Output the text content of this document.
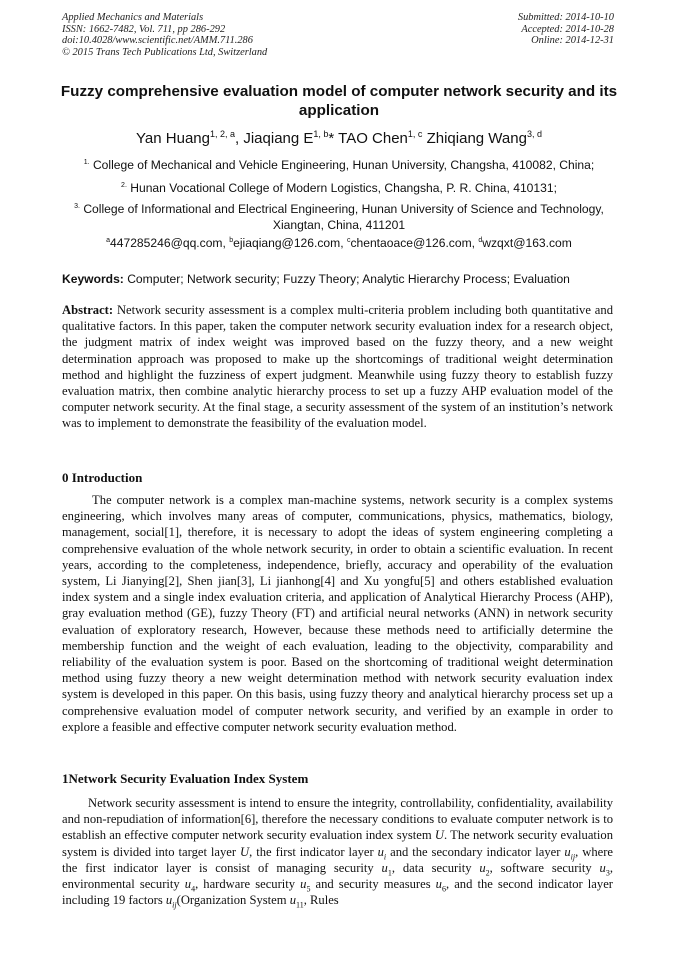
Applied Mechanics and Materials
ISSN: 1662-7482, Vol. 711, pp 286-292
doi:10.4028/www.scientific.net/AMM.711.286
© 2015 Trans Tech Publications Ltd, Switzerland
Submitted: 2014-10-10
Accepted: 2014-10-28
Online: 2014-12-31
Fuzzy comprehensive evaluation model of computer network security and its application
Yan Huang$^{1, 2, a}$, Jiaqiang E$^{1, b}$* TAO Chen$^{1, c}$ Zhiqiang Wang$^{3, d}$
$^{1.}$ College of Mechanical and Vehicle Engineering, Hunan University, Changsha, 410082, China;
$^{2.}$ Hunan Vocational College of Modern Logistics, Changsha, P. R. China, 410131;
$^{3.}$ College of Informational and Electrical Engineering, Hunan University of Science and Technology, Xiangtan, China, 411201
$^a$447285246@qq.com, $^b$ejiaqiang@126.com, $^c$chentaoace@126.com, $^d$wzqxt@163.com
Keywords: Computer; Network security; Fuzzy Theory; Analytic Hierarchy Process; Evaluation
Abstract: Network security assessment is a complex multi-criteria problem including both quantitative and qualitative factors. In this paper, taken the computer network security evaluation index for a research object, the judgment matrix of index weight was improved based on the fuzzy theory, and a new weight determination approach was proposed to make up the shortcomings of traditional weight determination method and highlight the fuzziness of expert judgment. Meanwhile using fuzzy theory to establish fuzzy evaluation matrix, then combine analytic hierarchy process to set up a fuzzy AHP evaluation model of the computer network security. At the final stage, a security assessment of the system of an institution’s network was to implement to demonstrate the feasibility of the evaluation model.
0 Introduction
The computer network is a complex man-machine systems, network security is a complex systems engineering, which involves many areas of computer, communications, physics, mathematics, biology, management, social[1], therefore, it is necessary to adopt the ideas of system engineering completing a comprehensive evaluation of the whole network security, in order to obtain a scientific evaluation. In recent years, according to the completeness, independence, briefly, accuracy and operability of the evaluation system, Li Jianying[2], Shen jian[3], Li jianhong[4] and Xu yongfu[5] and others established evaluation index system and a single index evaluation criteria, and application of Analytical Hierarchy Process (AHP), gray evaluation method (GE), fuzzy Theory (FT) and artificial neural networks (ANN) in network security evaluation of exploratory research, However, because these methods need to artificially determine the membership function and the weight of each evaluation, leading to the objectivity, comparability and reliability of the evaluation system is poor. Based on the shortcoming of traditional weight determination method using fuzzy theory a new weight determination method with network security evaluation index system is developed in this paper. On this basis, using fuzzy theory and analytical hierarchy process set up a comprehensive evaluation model of computer network security, and verified by an example in order to explore a feasible and effective computer network security evaluation method.
1Network Security Evaluation Index System
Network security assessment is intend to ensure the integrity, controllability, confidentiality, availability and non-repudiation of information[6], therefore the necessary conditions to evaluate computer network is to establish an effective computer network security evaluation index system U. The network security evaluation system is divided into target layer U, the first indicator layer $u_i$ and the secondary indicator layer $u_{ij}$, where the first indicator layer is consist of managing security $u_1$, data security $u_2$, software security $u_3$, environmental security $u_4$, hardware security $u_5$ and security measures $u_6$, and the second indicator layer including 19 factors $u_{ij}(Organization$ System $u_{11}$, Rules
